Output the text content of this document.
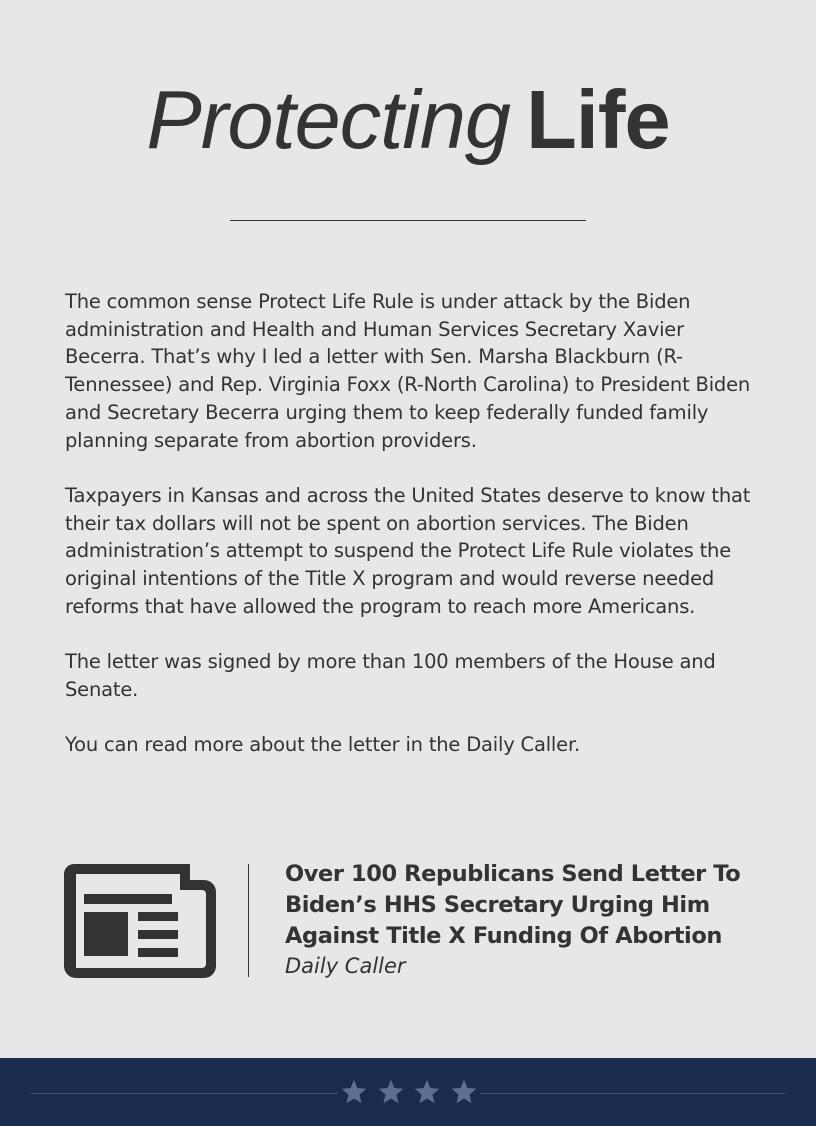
Protecting Life

The common sense Protect Life Rule is under attack by the Biden administration and Health and Human Services Secretary Xavier Becerra. That’s why I led a letter with Sen. Marsha Blackburn (R-Tennessee) and Rep. Virginia Foxx (R-North Carolina) to President Biden and Secretary Becerra urging them to keep federally funded family planning separate from abortion providers.

Taxpayers in Kansas and across the United States deserve to know that their tax dollars will not be spent on abortion services. The Biden administration’s attempt to suspend the Protect Life Rule violates the original intentions of the Title X program and would reverse needed reforms that have allowed the program to reach more Americans.

The letter was signed by more than 100 members of the House and Senate.

You can read more about the letter in the Daily Caller.

Over 100 Republicans Send Letter To Biden’s HHS Secretary Urging Him Against Title X Funding Of Abortion

Daily Caller
